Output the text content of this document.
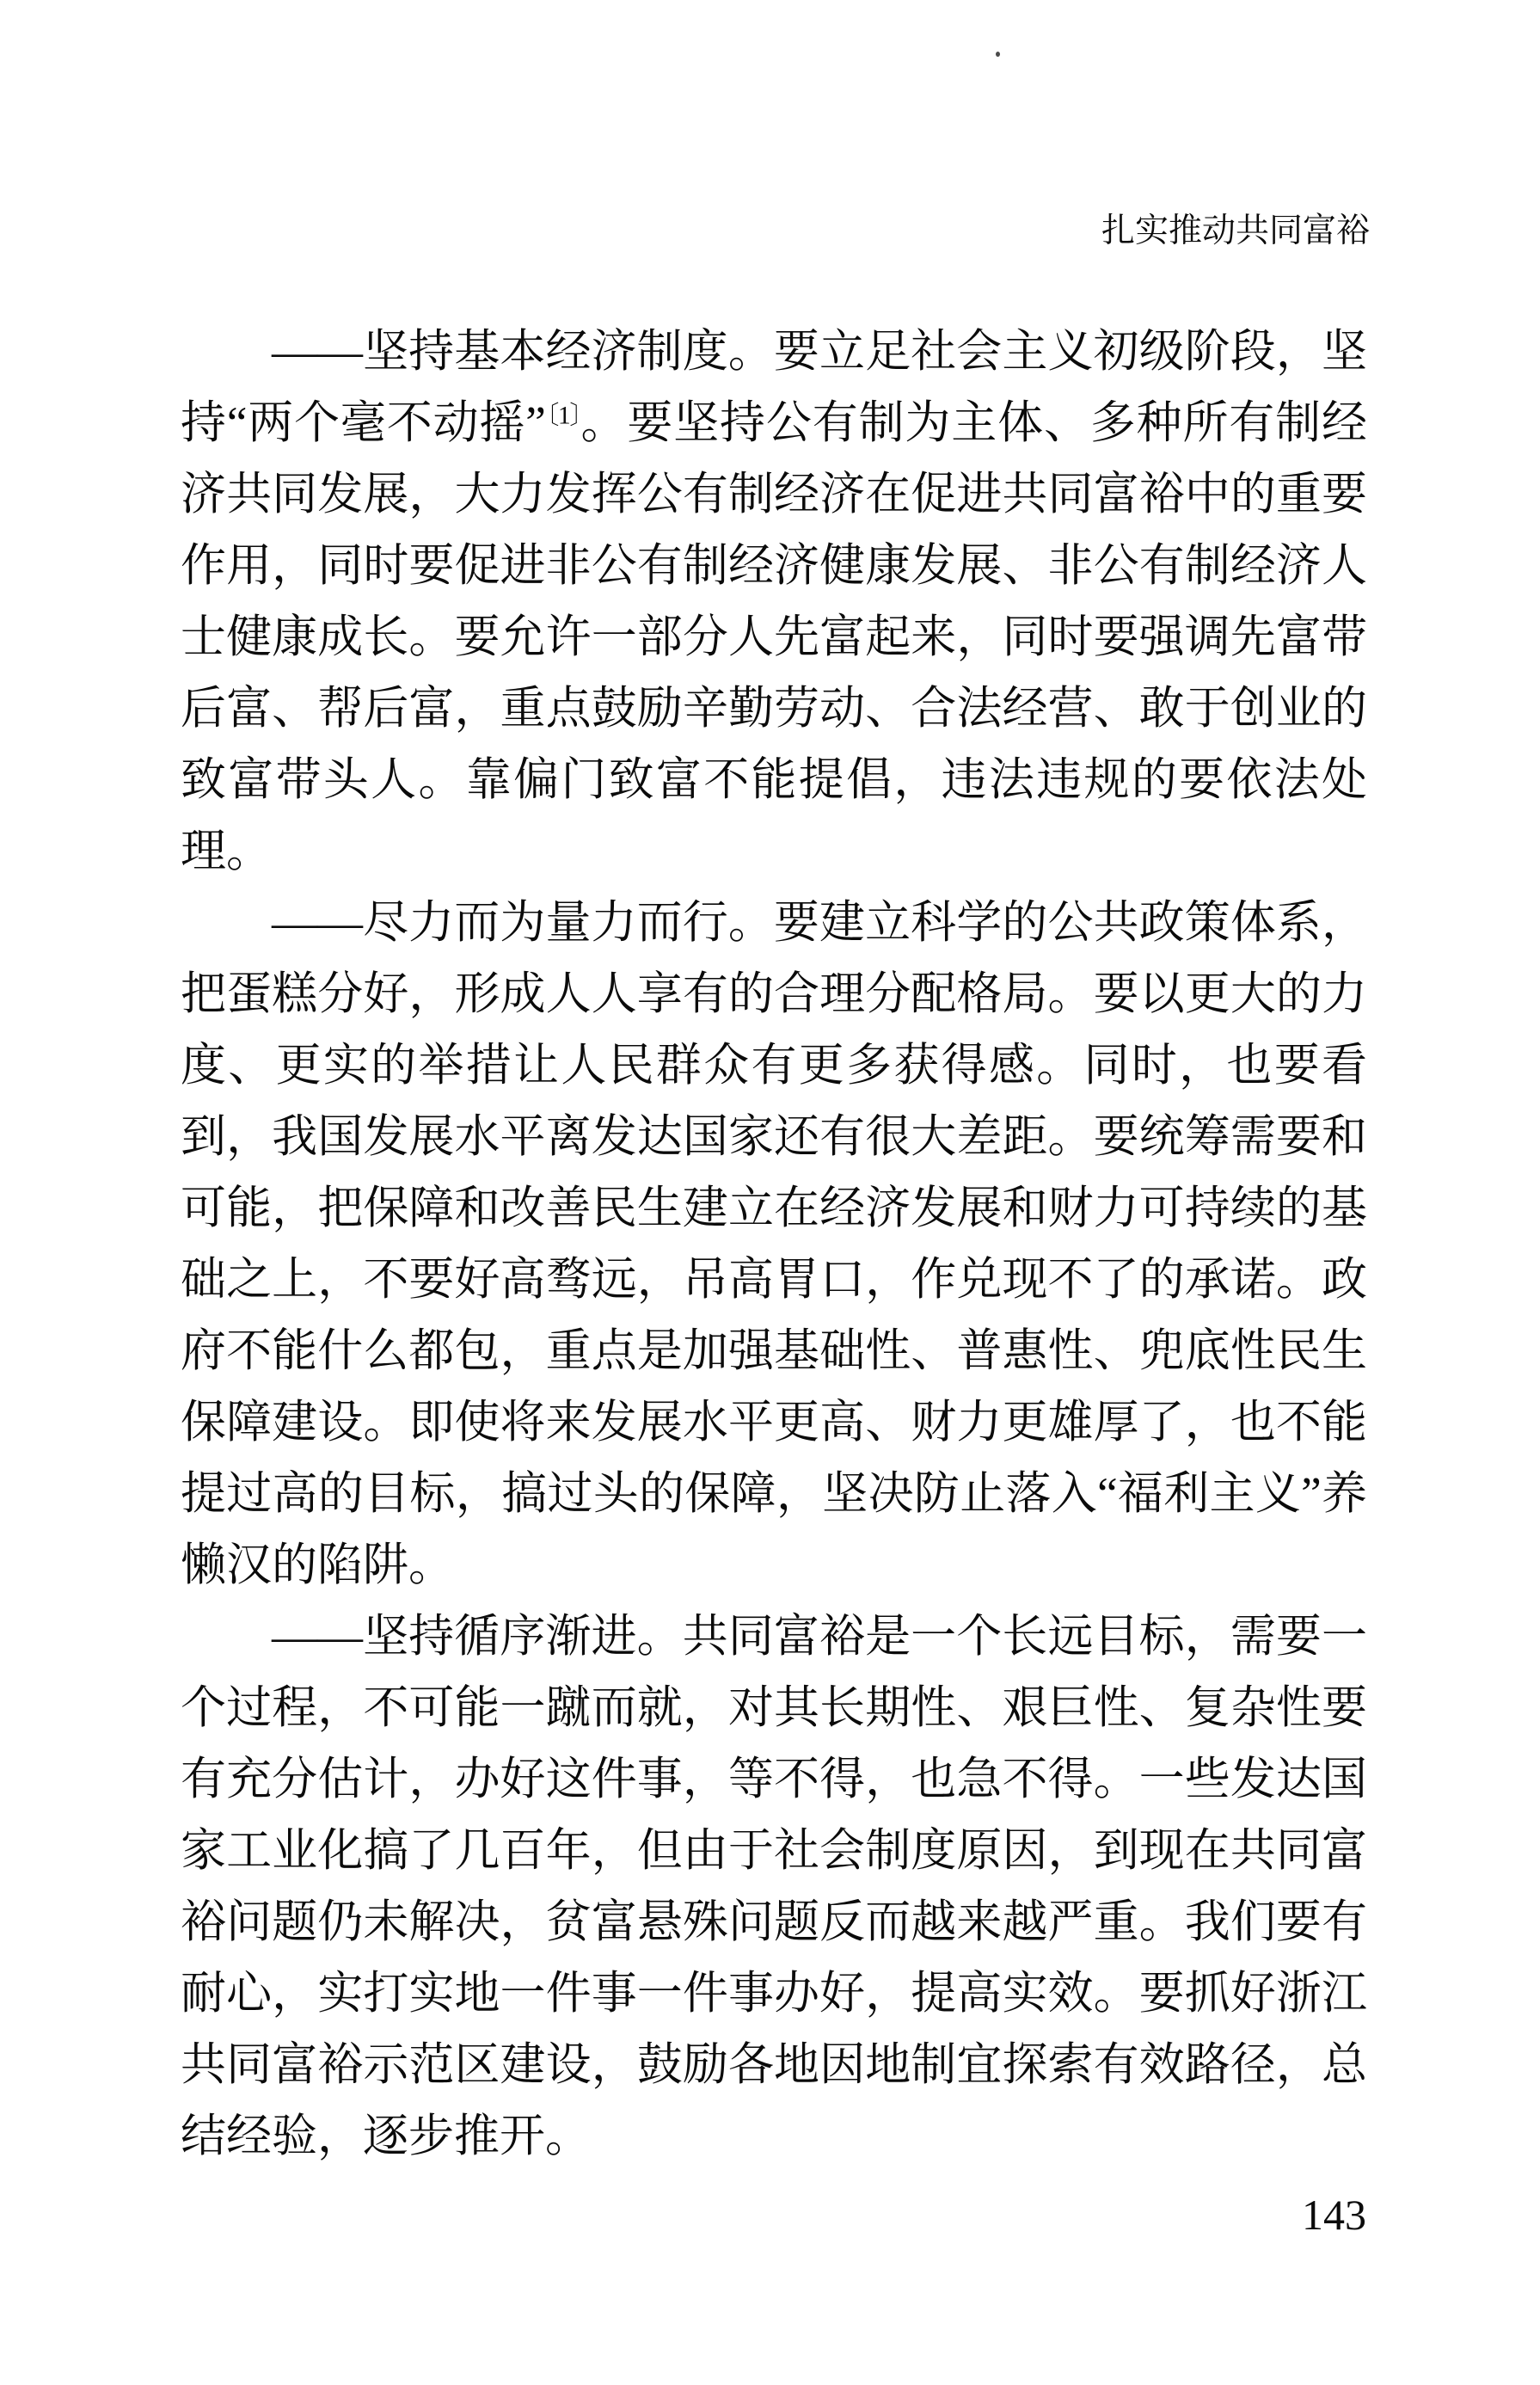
扎实推动共同富裕

——坚持基本经济制度。要立足社会主义初级阶段，坚持“两个毫不动摇”$^{〔1〕}$。要坚持公有制为主体、多种所有制经济共同发展，大力发挥公有制经济在促进共同富裕中的重要作用，同时要促进非公有制经济健康发展、非公有制经济人士健康成长。要允许一部分人先富起来，同时要强调先富带后富、帮后富，重点鼓励辛勤劳动、合法经营、敢于创业的致富带头人。靠偏门致富不能提倡，违法违规的要依法处理。

——尽力而为量力而行。要建立科学的公共政策体系，把蛋糕分好，形成人人享有的合理分配格局。要以更大的力度、更实的举措让人民群众有更多获得感。同时，也要看到，我国发展水平离发达国家还有很大差距。要统筹需要和可能，把保障和改善民生建立在经济发展和财力可持续的基础之上，不要好高骛远，吊高胃口，作兑现不了的承诺。政府不能什么都包，重点是加强基础性、普惠性、兜底性民生保障建设。即使将来发展水平更高、财力更雄厚了，也不能提过高的目标，搞过头的保障，坚决防止落入“福利主义”养懒汉的陷阱。

——坚持循序渐进。共同富裕是一个长远目标，需要一个过程，不可能一蹴而就，对其长期性、艰巨性、复杂性要有充分估计，办好这件事，等不得，也急不得。一些发达国家工业化搞了几百年，但由于社会制度原因，到现在共同富裕问题仍未解决，贫富悬殊问题反而越来越严重。我们要有耐心，实打实地一件事一件事办好，提高实效。要抓好浙江共同富裕示范区建设，鼓励各地因地制宜探索有效路径，总结经验，逐步推开。

143
